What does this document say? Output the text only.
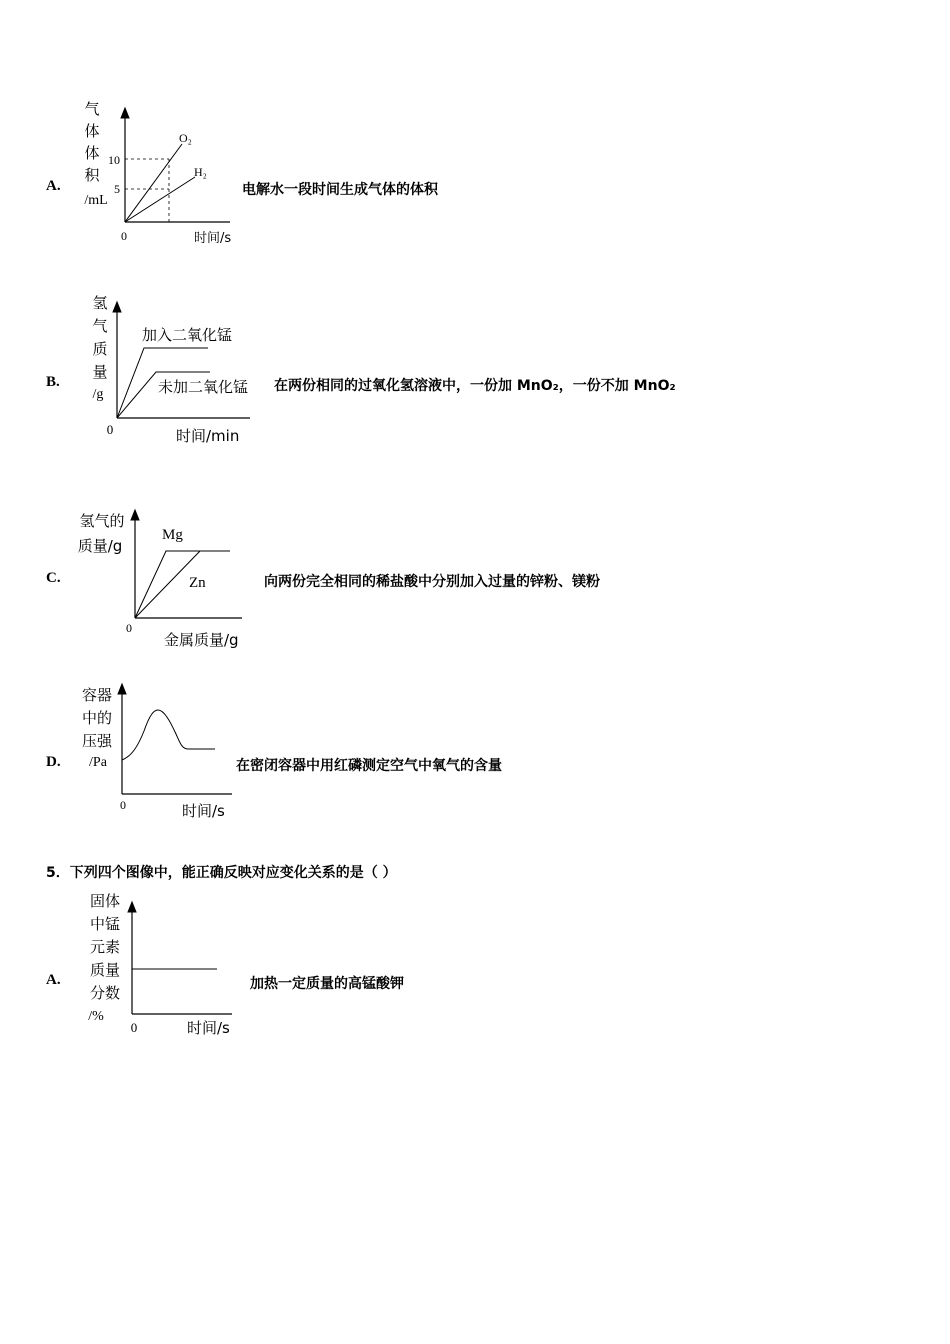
A.
气
体
体
积
/mL
10
5
O₂
H₂
0	时间/s
电解水一段时间生成气体的体积
B.
氢
气
质
量
/g
加入二氧化锰
未加二氧化锰
0	时间/min
在两份相同的过氧化氢溶液中，一份加 MnO₂，一份不加 MnO₂
C.
氢气的
质量/g
Mg
Zn
0
金属质量/g
向两份完全相同的稀盐酸中分别加入过量的锌粉、镁粉
D.
容器
中的
压强
/Pa
0	时间/s
在密闭容器中用红磷测定空气中氧气的含量
5．下列四个图像中，能正确反映对应变化关系的是（ ）
A.
固体
中锰
元素
质量
分数
/%
0	时间/s
加热一定质量的高锰酸钾
